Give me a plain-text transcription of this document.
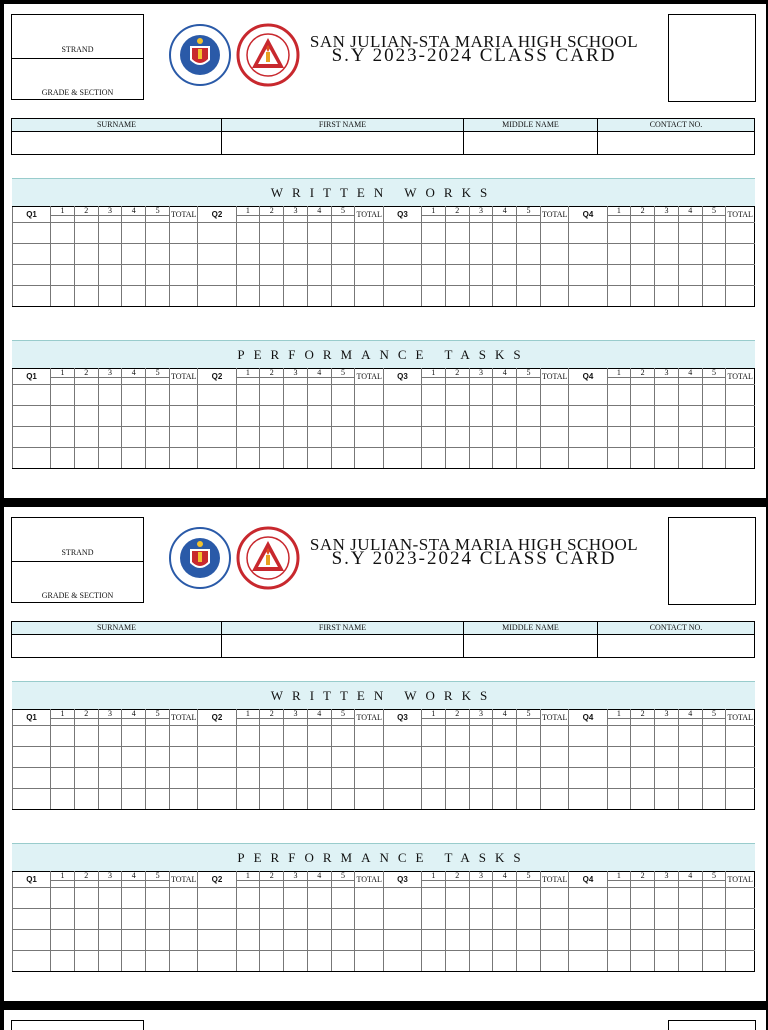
STRAND
GRADE & SECTION
SAN JULIAN-STA MARIA HIGH SCHOOL
S.Y 2023-2024 CLASS CARD
SURNAME	FIRST NAME	MIDDLE NAME	CONTACT NO.

WRITTEN WORKS
Q1	1	2	3	4	5	TOTAL	Q2	1	2	3	4	5	TOTAL	Q3	1	2	3	4	5	TOTAL	Q4	1	2	3	4	5	TOTAL

PERFORMANCE TASKS
Q1	1	2	3	4	5	TOTAL	Q2	1	2	3	4	5	TOTAL	Q3	1	2	3	4	5	TOTAL	Q4	1	2	3	4	5	TOTAL

STRAND
GRADE & SECTION
SAN JULIAN-STA MARIA HIGH SCHOOL
S.Y 2023-2024 CLASS CARD
SURNAME	FIRST NAME	MIDDLE NAME	CONTACT NO.

WRITTEN WORKS
Q1	1	2	3	4	5	TOTAL	Q2	1	2	3	4	5	TOTAL	Q3	1	2	3	4	5	TOTAL	Q4	1	2	3	4	5	TOTAL

PERFORMANCE TASKS
Q1	1	2	3	4	5	TOTAL	Q2	1	2	3	4	5	TOTAL	Q3	1	2	3	4	5	TOTAL	Q4	1	2	3	4	5	TOTAL
